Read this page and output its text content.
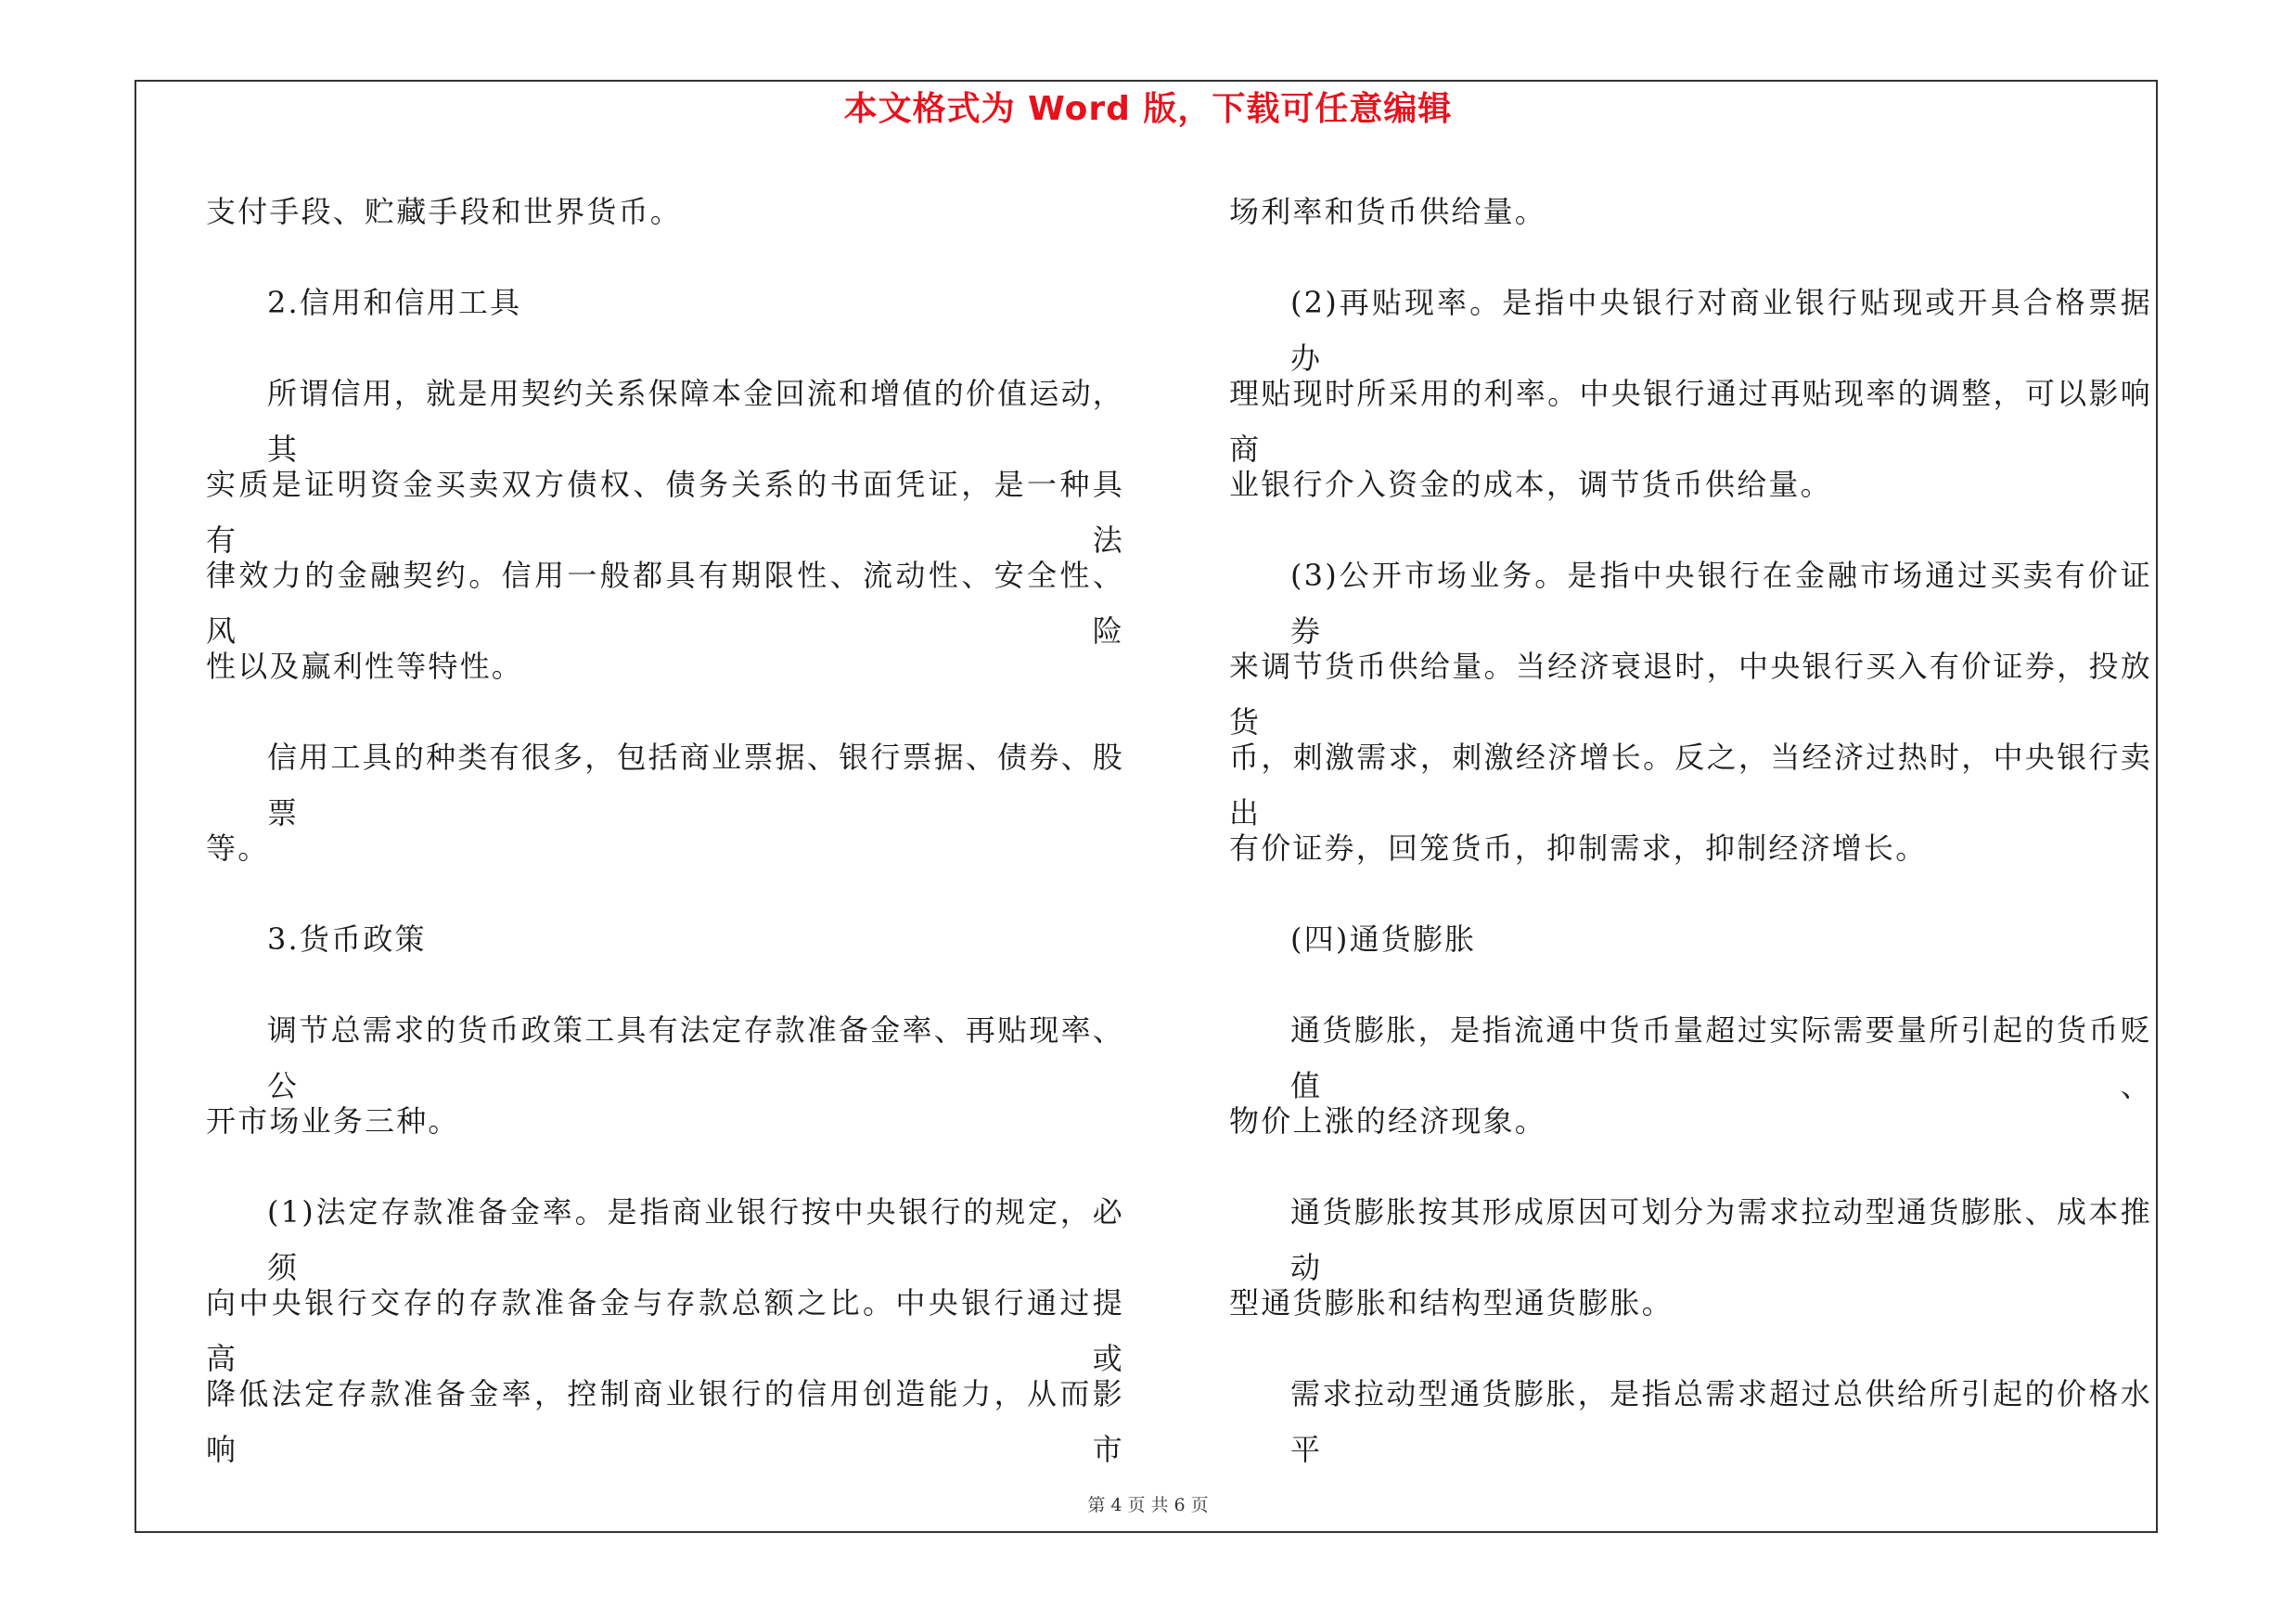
本文格式为 Word 版，下载可任意编辑
支付手段、贮藏手段和世界货币。
2.信用和信用工具
所谓信用，就是用契约关系保障本金回流和增值的价值运动，其
实质是证明资金买卖双方债权、债务关系的书面凭证，是一种具有法
律效力的金融契约。信用一般都具有期限性、流动性、安全性、风险
性以及赢利性等特性。
信用工具的种类有很多，包括商业票据、银行票据、债券、股票
等。
3.货币政策
调节总需求的货币政策工具有法定存款准备金率、再贴现率、公
开市场业务三种。
(1)法定存款准备金率。是指商业银行按中央银行的规定，必须
向中央银行交存的存款准备金与存款总额之比。中央银行通过提高或
降低法定存款准备金率，控制商业银行的信用创造能力，从而影响市
场利率和货币供给量。
(2)再贴现率。是指中央银行对商业银行贴现或开具合格票据办
理贴现时所采用的利率。中央银行通过再贴现率的调整，可以影响商
业银行介入资金的成本，调节货币供给量。
(3)公开市场业务。是指中央银行在金融市场通过买卖有价证券
来调节货币供给量。当经济衰退时，中央银行买入有价证券，投放货
币，刺激需求，刺激经济增长。反之，当经济过热时，中央银行卖出
有价证券，回笼货币，抑制需求，抑制经济增长。
(四)通货膨胀
通货膨胀，是指流通中货币量超过实际需要量所引起的货币贬值、
物价上涨的经济现象。
通货膨胀按其形成原因可划分为需求拉动型通货膨胀、成本推动
型通货膨胀和结构型通货膨胀。
需求拉动型通货膨胀，是指总需求超过总供给所引起的价格水平
第 4 页 共 6 页
